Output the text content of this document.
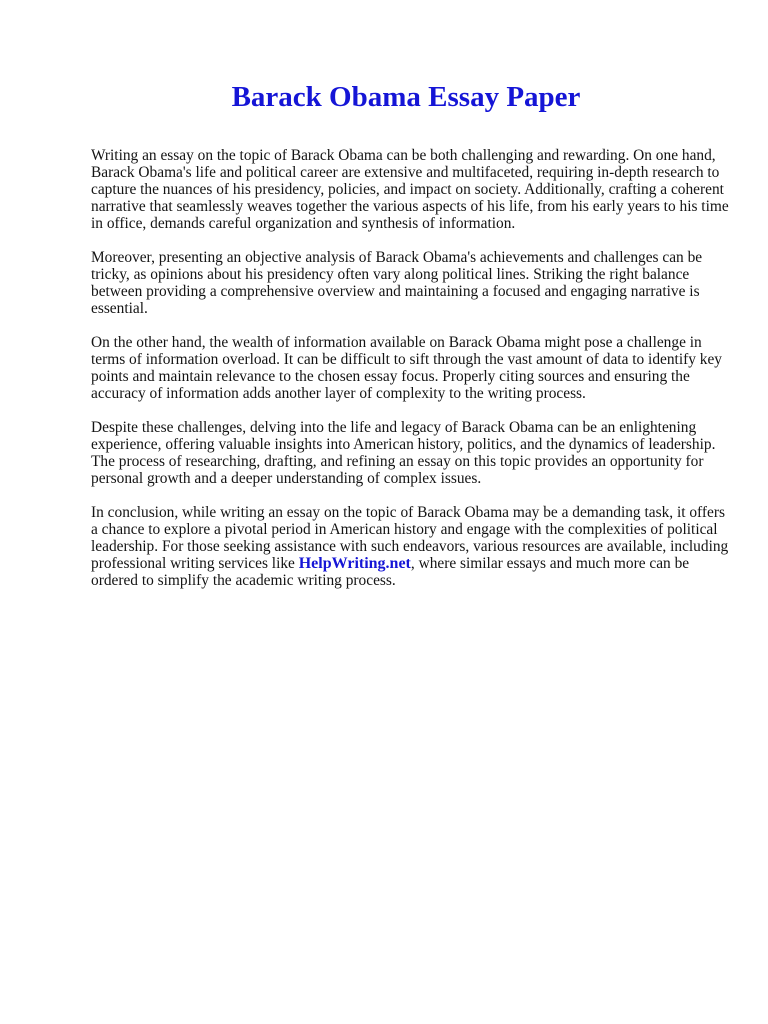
Barack Obama Essay Paper

Writing an essay on the topic of Barack Obama can be both challenging and rewarding. On one hand, Barack Obama's life and political career are extensive and multifaceted, requiring in-depth research to capture the nuances of his presidency, policies, and impact on society. Additionally, crafting a coherent narrative that seamlessly weaves together the various aspects of his life, from his early years to his time in office, demands careful organization and synthesis of information.

Moreover, presenting an objective analysis of Barack Obama's achievements and challenges can be tricky, as opinions about his presidency often vary along political lines. Striking the right balance between providing a comprehensive overview and maintaining a focused and engaging narrative is essential.

On the other hand, the wealth of information available on Barack Obama might pose a challenge in terms of information overload. It can be difficult to sift through the vast amount of data to identify key points and maintain relevance to the chosen essay focus. Properly citing sources and ensuring the accuracy of information adds another layer of complexity to the writing process.

Despite these challenges, delving into the life and legacy of Barack Obama can be an enlightening experience, offering valuable insights into American history, politics, and the dynamics of leadership. The process of researching, drafting, and refining an essay on this topic provides an opportunity for personal growth and a deeper understanding of complex issues.

In conclusion, while writing an essay on the topic of Barack Obama may be a demanding task, it offers a chance to explore a pivotal period in American history and engage with the complexities of political leadership. For those seeking assistance with such endeavors, various resources are available, including professional writing services like HelpWriting.net, where similar essays and much more can be ordered to simplify the academic writing process.
